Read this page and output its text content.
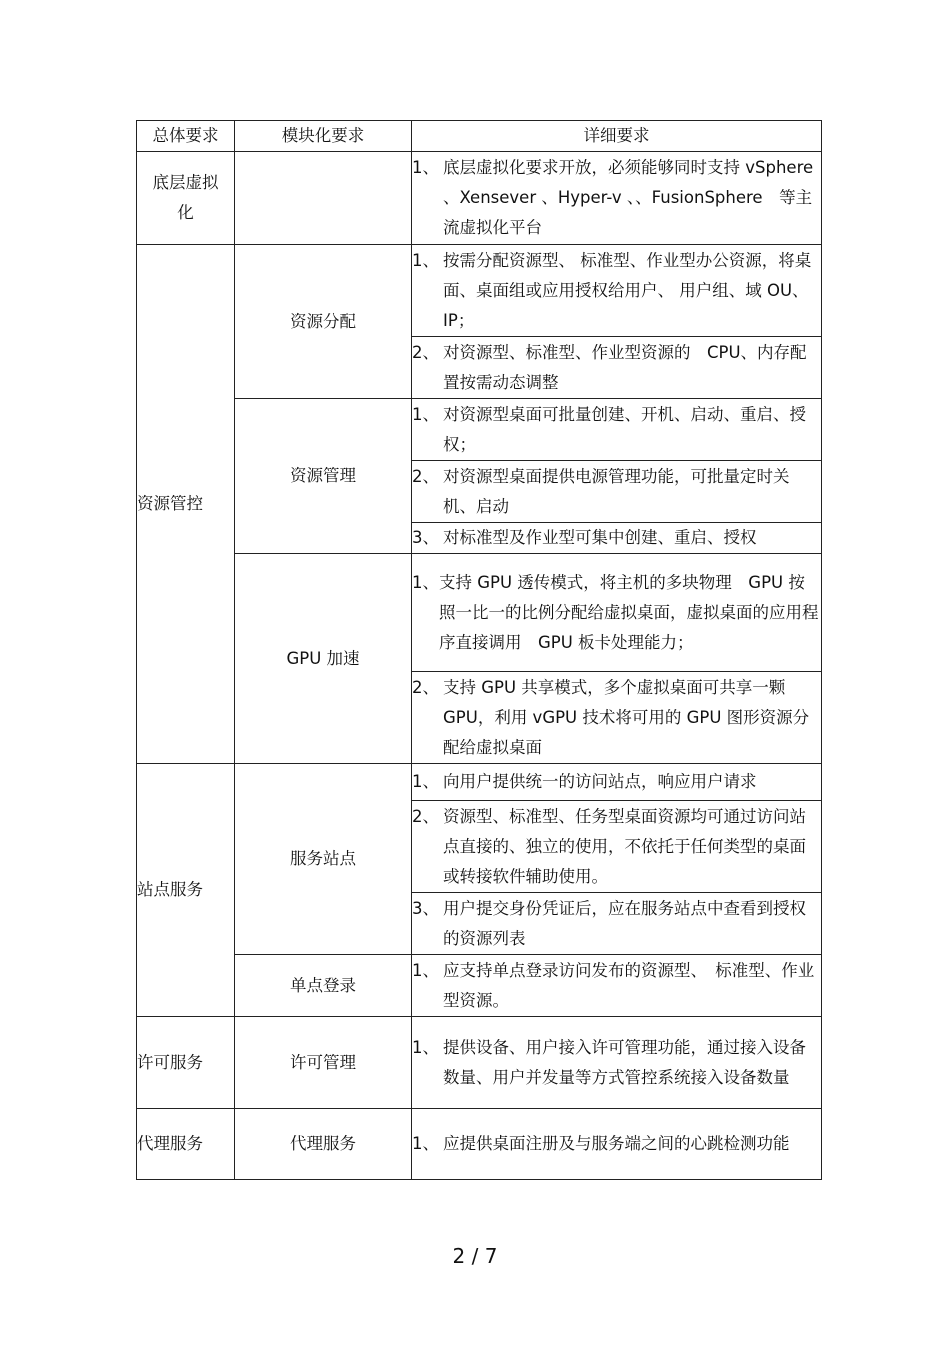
总体要求	模块化要求	详细要求
底层虚拟化		1、 底层虚拟化要求开放，必须能够同时支持 vSphere 、Xensever 、Hyper-v 、、FusionSphere　等主流虚拟化平台

资源管控	资源分配	1、 按需分配资源型、 标准型、作业型办公资源，将桌面、桌面组或应用授权给用户、 用户组、域 OU、IP；

		2、 对资源型、标准型、作业型资源的　CPU、内存配置按需动态调整

	资源管理	1、 对资源型桌面可批量创建、开机、启动、重启、授权；

		2、 对资源型桌面提供电源管理功能，可批量定时关机、启动

		3、 对标准型及作业型可集中创建、重启、授权

	GPU 加速	1、 支持 GPU 透传模式，将主机的多块物理　GPU 按照一比一的比例分配给虚拟桌面，虚拟桌面的应用程序直接调用　GPU 板卡处理能力；

		2、 支持 GPU 共享模式，多个虚拟桌面可共享一颗 GPU，利用 vGPU 技术将可用的 GPU 图形资源分配给虚拟桌面

站点服务	服务站点	1、 向用户提供统一的访问站点，响应用户请求

		2、 资源型、标准型、任务型桌面资源均可通过访问站点直接的、独立的使用，不依托于任何类型的桌面或转接软件辅助使用。

		3、 用户提交身份凭证后，应在服务站点中查看到授权的资源列表

	单点登录	1、 应支持单点登录访问发布的资源型、　标准型、作业型资源。

许可服务	许可管理	1、 提供设备、用户接入许可管理功能，通过接入设备数量、用户并发量等方式管控系统接入设备数量

代理服务	代理服务	1、 应提供桌面注册及与服务端之间的心跳检测功能
2 / 7
